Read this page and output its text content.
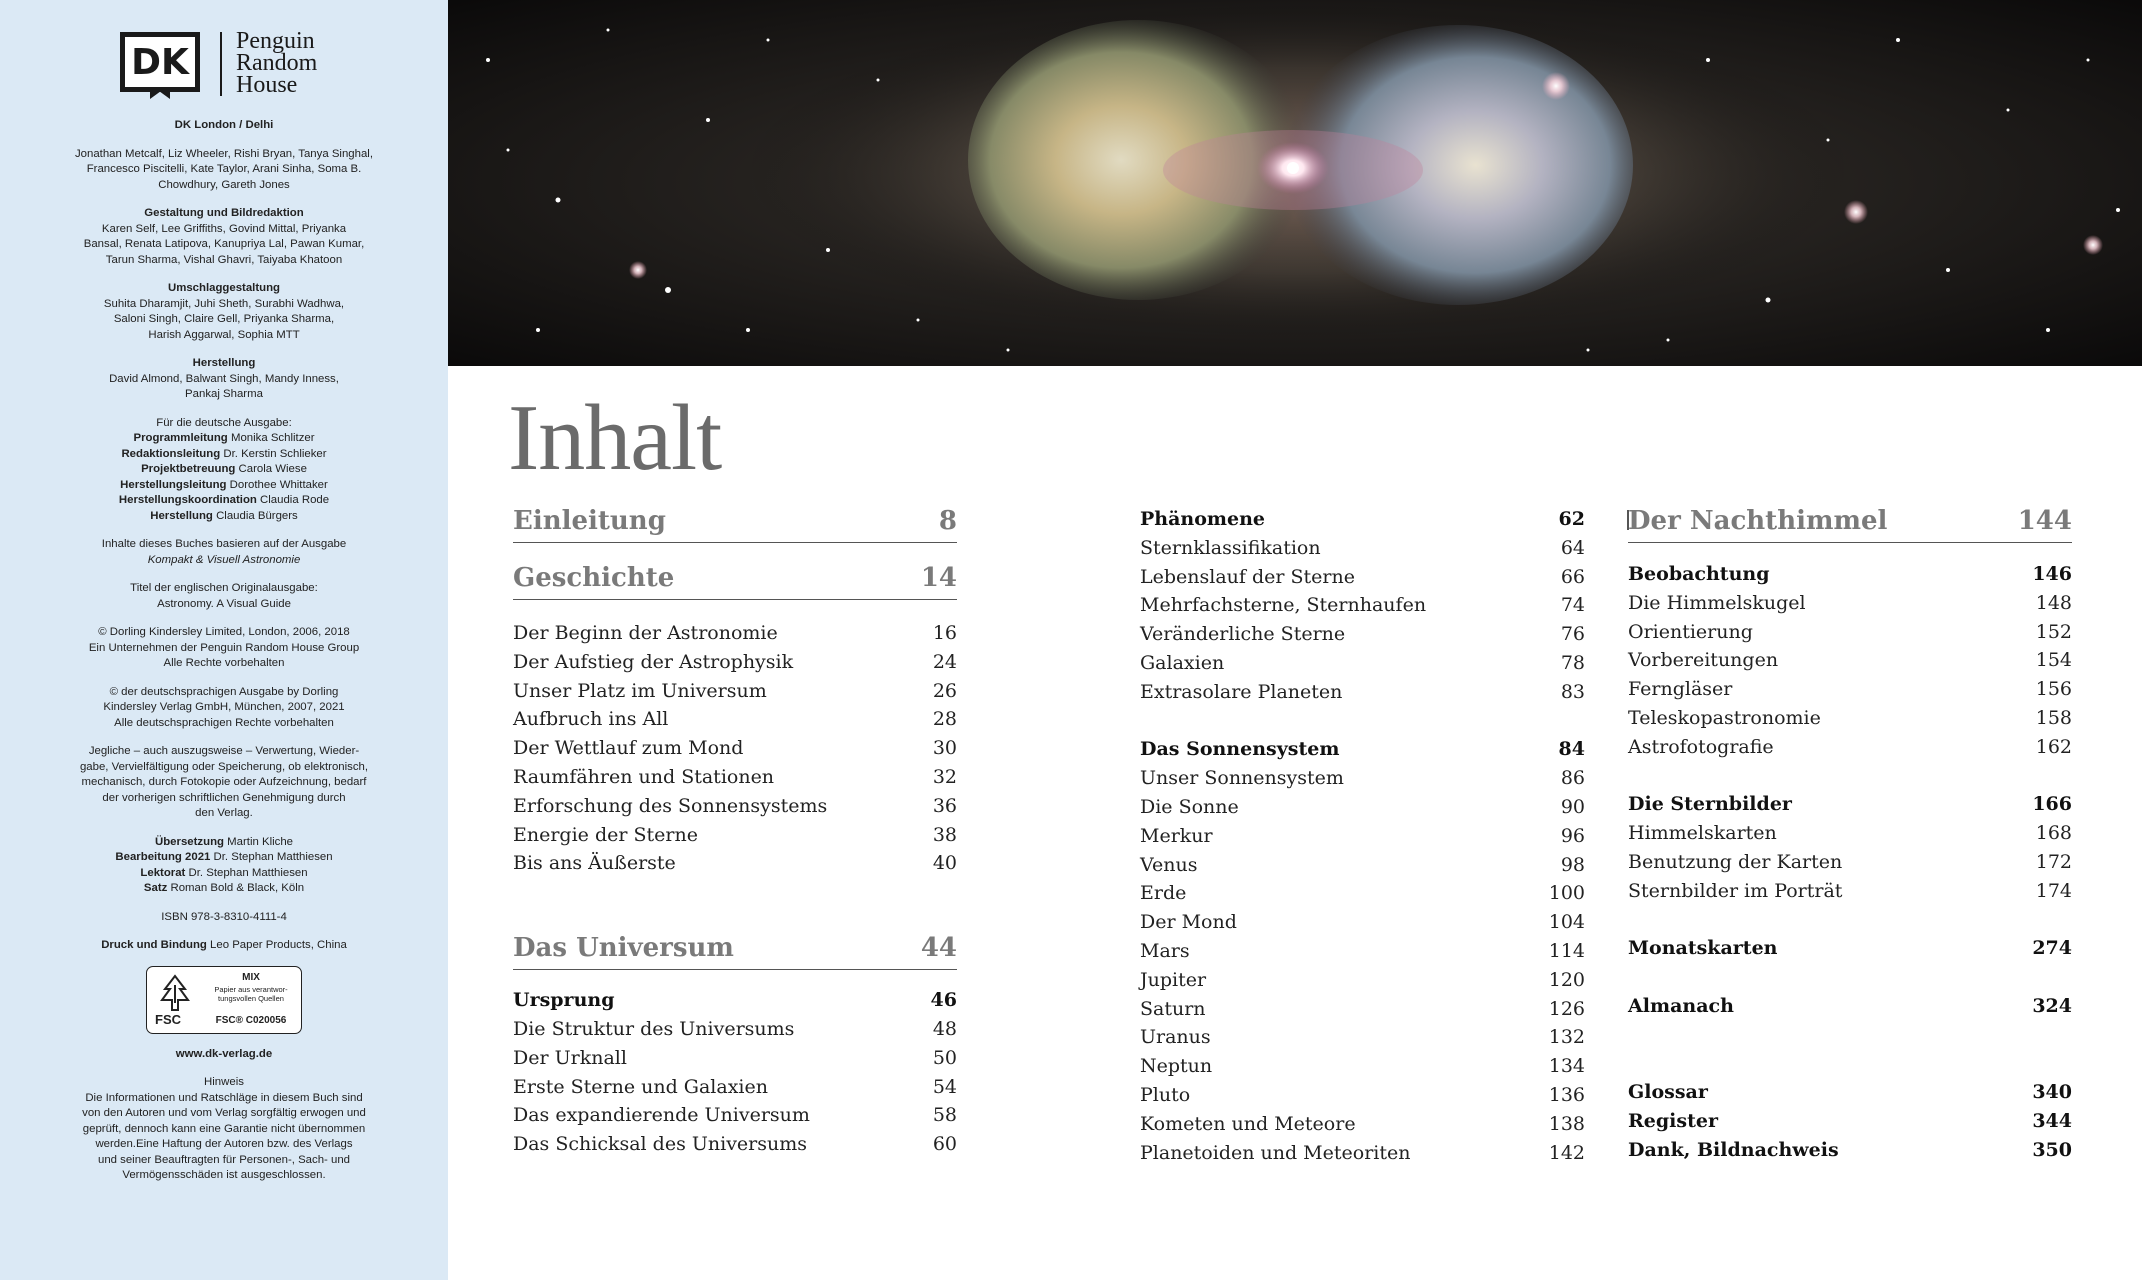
DK
Penguin
Random
House
DK London / Delhi
Jonathan Metcalf, Liz Wheeler, Rishi Bryan, Tanya Singhal,
Francesco Piscitelli, Kate Taylor, Arani Sinha, Soma B.
Chowdhury, Gareth Jones
Gestaltung und Bildredaktion
Karen Self, Lee Griffiths, Govind Mittal, Priyanka
Bansal, Renata Latipova, Kanupriya Lal, Pawan Kumar,
Tarun Sharma, Vishal Ghavri, Taiyaba Khatoon
Umschlaggestaltung
Suhita Dharamjit, Juhi Sheth, Surabhi Wadhwa,
Saloni Singh, Claire Gell, Priyanka Sharma,
Harish Aggarwal, Sophia MTT
Herstellung
David Almond, Balwant Singh, Mandy Inness,
Pankaj Sharma
Für die deutsche Ausgabe:
Programmleitung Monika Schlitzer
Redaktionsleitung Dr. Kerstin Schlieker
Projektbetreuung Carola Wiese
Herstellungsleitung Dorothee Whittaker
Herstellungskoordination Claudia Rode
Herstellung Claudia Bürgers
Inhalte dieses Buches basieren auf der Ausgabe
Kompakt & Visuell Astronomie
Titel der englischen Originalausgabe:
Astronomy. A Visual Guide
© Dorling Kindersley Limited, London, 2006, 2018
Ein Unternehmen der Penguin Random House Group
Alle Rechte vorbehalten
© der deutschsprachigen Ausgabe by Dorling
Kindersley Verlag GmbH, München, 2007, 2021
Alle deutschsprachigen Rechte vorbehalten
Jegliche – auch auszugsweise – Verwertung, Wieder-
gabe, Vervielfältigung oder Speicherung, ob elektronisch,
mechanisch, durch Fotokopie oder Aufzeichnung, bedarf
der vorherigen schriftlichen Genehmigung durch
den Verlag.
Übersetzung Martin Kliche
Bearbeitung 2021 Dr. Stephan Matthiesen
Lektorat Dr. Stephan Matthiesen
Satz Roman Bold & Black, Köln
ISBN 978-3-8310-4111-4
Druck und Bindung Leo Paper Products, China
FSC
MIX
Papier aus verantwor-tungsvollen Quellen
FSC® C020056
www.dk-verlag.de
Hinweis
Die Informationen und Ratschläge in diesem Buch sind
von den Autoren und vom Verlag sorgfältig erwogen und
geprüft, dennoch kann eine Garantie nicht übernommen
werden.Eine Haftung der Autoren bzw. des Verlags
und seiner Beauftragten für Personen-, Sach- und
Vermögensschäden ist ausgeschlossen.
Inhalt
Einleitung	8
Geschichte	14
Der Beginn der Astronomie	16
Der Aufstieg der Astrophysik	24
Unser Platz im Universum	26
Aufbruch ins All	28
Der Wettlauf zum Mond	30
Raumfähren und Stationen	32
Erforschung des Sonnensystems	36
Energie der Sterne	38
Bis ans Äußerste	40
Das Universum	44
Ursprung	46
Die Struktur des Universums	48
Der Urknall	50
Erste Sterne und Galaxien	54
Das expandierende Universum	58
Das Schicksal des Universums	60
Phänomene	62
Sternklassifikation	64
Lebenslauf der Sterne	66
Mehrfachsterne, Sternhaufen	74
Veränderliche Sterne	76
Galaxien	78
Extrasolare Planeten	83
Das Sonnensystem	84
Unser Sonnensystem	86
Die Sonne	90
Merkur	96
Venus	98
Erde	100
Der Mond	104
Mars	114
Jupiter	120
Saturn	126
Uranus	132
Neptun	134
Pluto	136
Kometen und Meteore	138
Planetoiden und Meteoriten	142
Der Nachthimmel	144
Beobachtung	146
Die Himmelskugel	148
Orientierung	152
Vorbereitungen	154
Ferngläser	156
Teleskopastronomie	158
Astrofotografie	162
Die Sternbilder	166
Himmelskarten	168
Benutzung der Karten	172
Sternbilder im Porträt	174
Monatskarten	274
Almanach	324
Glossar	340
Register	344
Dank, Bildnachweis	350
